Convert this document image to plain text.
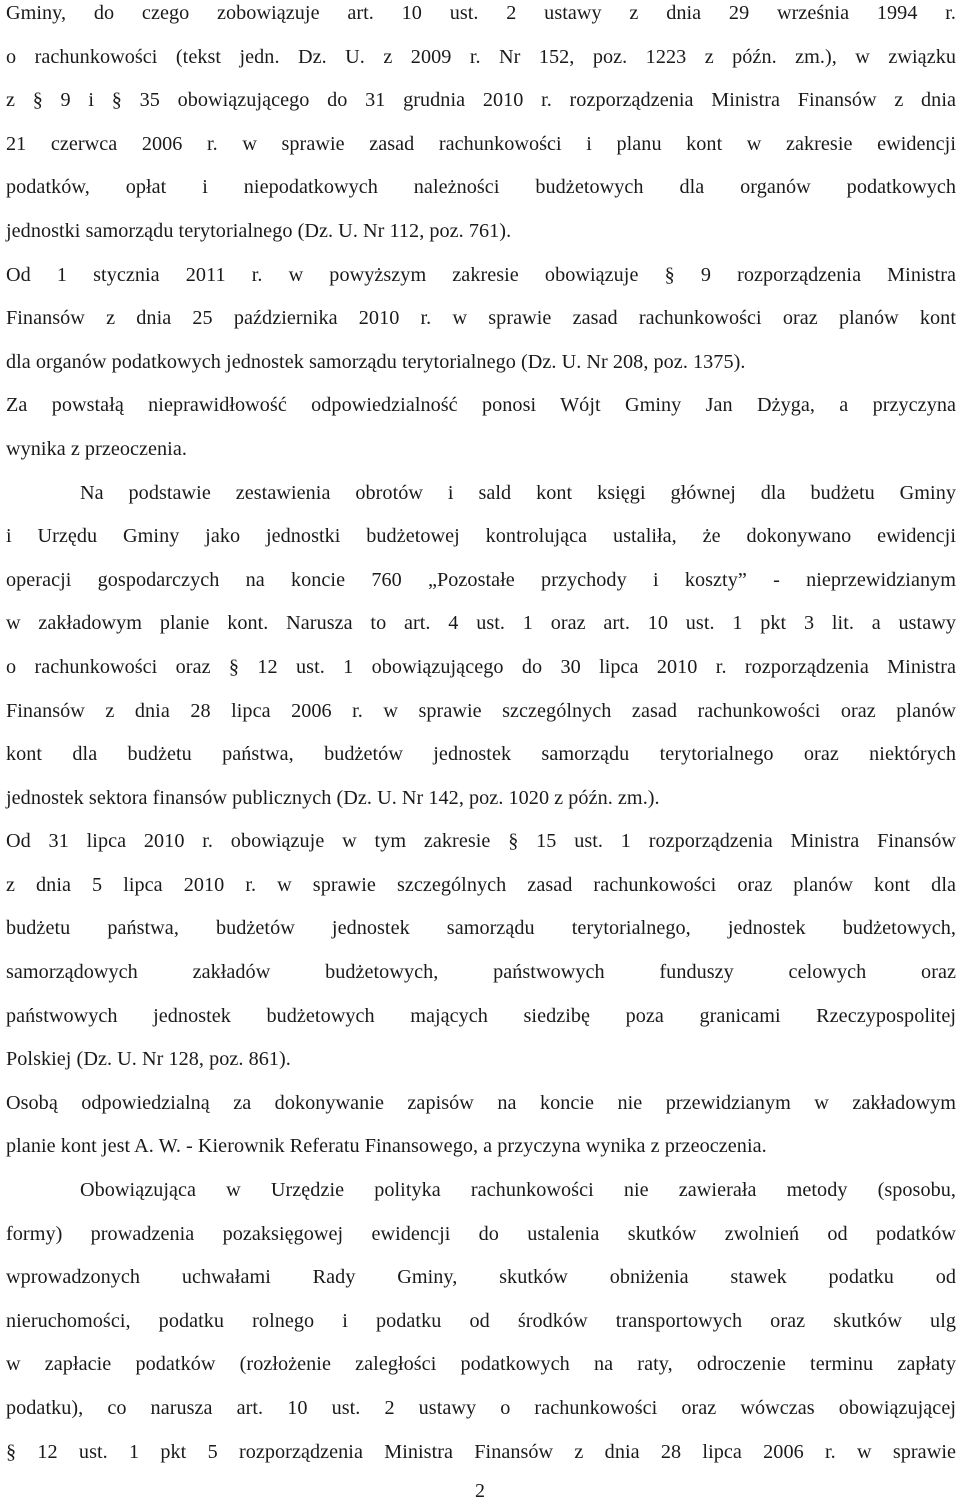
Gminy, do czego zobowiązuje art. 10 ust. 2 ustawy z dnia 29 września 1994 r.
o rachunkowości (tekst jedn. Dz. U. z 2009 r. Nr 152, poz. 1223 z późn. zm.), w związku
z § 9 i § 35 obowiązującego do 31 grudnia 2010 r. rozporządzenia Ministra Finansów z dnia
21 czerwca 2006 r. w sprawie zasad rachunkowości i planu kont w zakresie ewidencji
podatków, opłat i niepodatkowych należności budżetowych dla organów podatkowych
jednostki samorządu terytorialnego (Dz. U. Nr 112, poz. 761).
Od 1 stycznia 2011 r. w powyższym zakresie obowiązuje § 9 rozporządzenia Ministra
Finansów z dnia 25 października 2010 r. w sprawie zasad rachunkowości oraz planów kont
dla organów podatkowych jednostek samorządu terytorialnego (Dz. U. Nr 208, poz. 1375).
Za powstałą nieprawidłowość odpowiedzialność ponosi Wójt Gminy Jan Dżyga, a przyczyna
wynika z przeoczenia.
Na podstawie zestawienia obrotów i sald kont księgi głównej dla budżetu Gminy
i Urzędu Gminy jako jednostki budżetowej kontrolująca ustaliła, że dokonywano ewidencji
operacji gospodarczych na koncie 760 „Pozostałe przychody i koszty” - nieprzewidzianym
w zakładowym planie kont. Narusza to art. 4 ust. 1 oraz art. 10 ust. 1 pkt 3 lit. a ustawy
o rachunkowości oraz § 12 ust. 1 obowiązującego do 30 lipca 2010 r. rozporządzenia Ministra
Finansów z dnia 28 lipca 2006 r. w sprawie szczególnych zasad rachunkowości oraz planów
kont dla budżetu państwa, budżetów jednostek samorządu terytorialnego oraz niektórych
jednostek sektora finansów publicznych (Dz. U. Nr 142, poz. 1020 z późn. zm.).
Od 31 lipca 2010 r. obowiązuje w tym zakresie § 15 ust. 1 rozporządzenia Ministra Finansów
z dnia 5 lipca 2010 r. w sprawie szczególnych zasad rachunkowości oraz planów kont dla
budżetu państwa, budżetów jednostek samorządu terytorialnego, jednostek budżetowych,
samorządowych zakładów budżetowych, państwowych funduszy celowych oraz
państwowych jednostek budżetowych mających siedzibę poza granicami Rzeczypospolitej
Polskiej (Dz. U. Nr 128, poz. 861).
Osobą odpowiedzialną za dokonywanie zapisów na koncie nie przewidzianym w zakładowym
planie kont jest A. W. - Kierownik Referatu Finansowego, a przyczyna wynika z przeoczenia.
Obowiązująca w Urzędzie polityka rachunkowości nie zawierała metody (sposobu,
formy) prowadzenia pozaksięgowej ewidencji do ustalenia skutków zwolnień od podatków
wprowadzonych uchwałami Rady Gminy, skutków obniżenia stawek podatku od
nieruchomości, podatku rolnego i podatku od środków transportowych oraz skutków ulg
w zapłacie podatków (rozłożenie zaległości podatkowych na raty, odroczenie terminu zapłaty
podatku), co narusza art. 10 ust. 2 ustawy o rachunkowości oraz wówczas obowiązującej
§ 12 ust. 1 pkt 5 rozporządzenia Ministra Finansów z dnia 28 lipca 2006 r. w sprawie
2
